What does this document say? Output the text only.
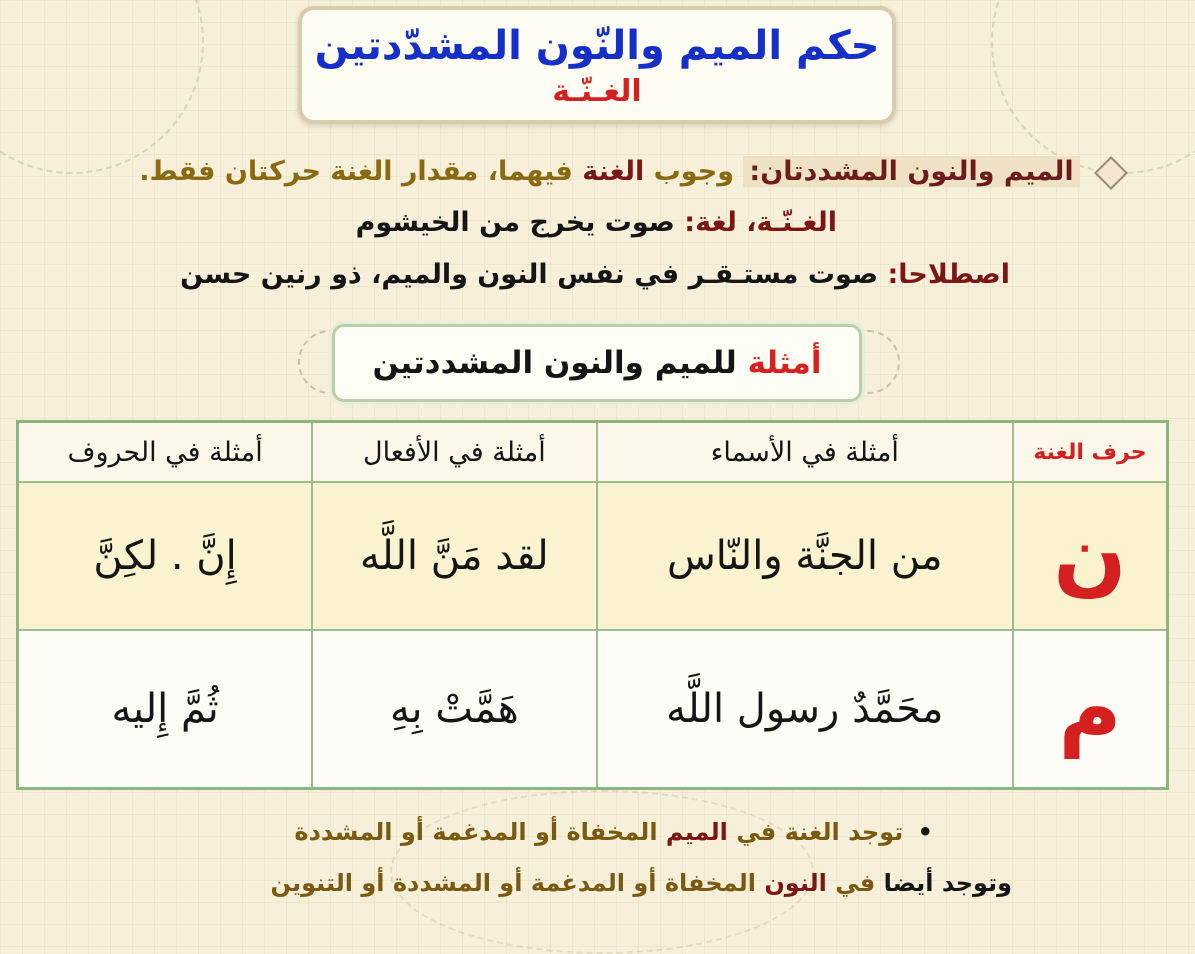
حكم الميم والنّون المشدّدتين
الغـنّـة
الميم والنون المشددتان: وجوب الغنة فيهما، مقدار الغنة حركتان فقط.
الغـنّـة، لغة: صوت يخرج من الخيشوم
اصطلاحا: صوت مستـقـر في نفس النون والميم، ذو رنين حسن
أمثلة للميم والنون المشددتين
حرف الغنة	أمثلة في الأسماء	أمثلة في الأفعال	أمثلة في الحروف
ن	من الجنَّة والنّاس	لقد مَنَّ اللَّه	إِنَّ . لكِنَّ
م	محَمَّدٌ رسول اللَّه	هَمَّتْ بِهِ	ثُمَّ إِليه
• توجد الغنة في الميم المخفاة أو المدغمة أو المشددة
وتوجد أيضا في النون المخفاة أو المدغمة أو المشددة أو التنوين
